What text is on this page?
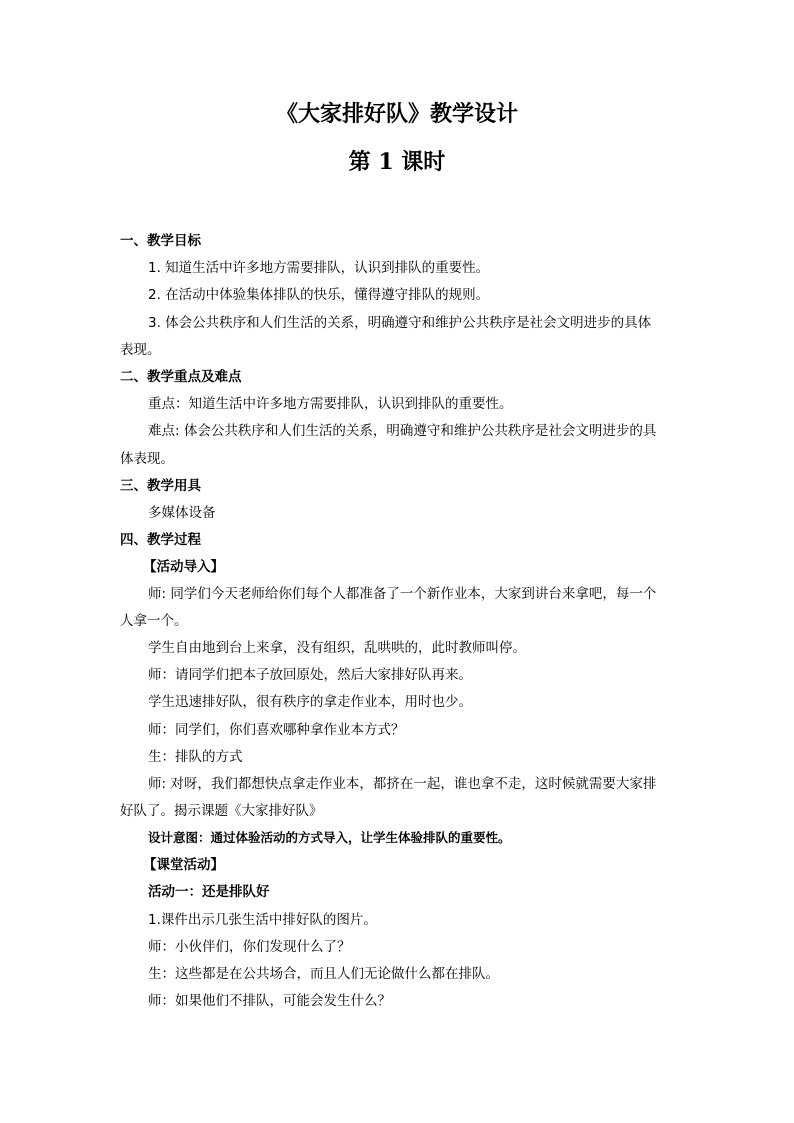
《大家排好队》教学设计
第 1 课时
一、教学目标
1. 知道生活中许多地方需要排队，认识到排队的重要性。
2. 在活动中体验集体排队的快乐，懂得遵守排队的规则。
3. 体会公共秩序和人们生活的关系，明确遵守和维护公共秩序是社会文明进步的具体
表现。
二、教学重点及难点
重点：知道生活中许多地方需要排队，认识到排队的重要性。
难点: 体会公共秩序和人们生活的关系，明确遵守和维护公共秩序是社会文明进步的具
体表现。
三、教学用具
多媒体设备
四、教学过程
【活动导入】
师: 同学们今天老师给你们每个人都准备了一个新作业本，大家到讲台来拿吧，每一个
人拿一个。
学生自由地到台上来拿，没有组织，乱哄哄的，此时教师叫停。
师：请同学们把本子放回原处，然后大家排好队再来。
学生迅速排好队，很有秩序的拿走作业本，用时也少。
师：同学们，你们喜欢哪种拿作业本方式？
生：排队的方式
师: 对呀，我们都想快点拿走作业本，都挤在一起，谁也拿不走，这时候就需要大家排
好队了。揭示课题《大家排好队》
设计意图：通过体验活动的方式导入，让学生体验排队的重要性。
【课堂活动】
活动一：还是排队好
1.课件出示几张生活中排好队的图片。
师：小伙伴们，你们发现什么了？
生：这些都是在公共场合，而且人们无论做什么都在排队。
师：如果他们不排队，可能会发生什么？
